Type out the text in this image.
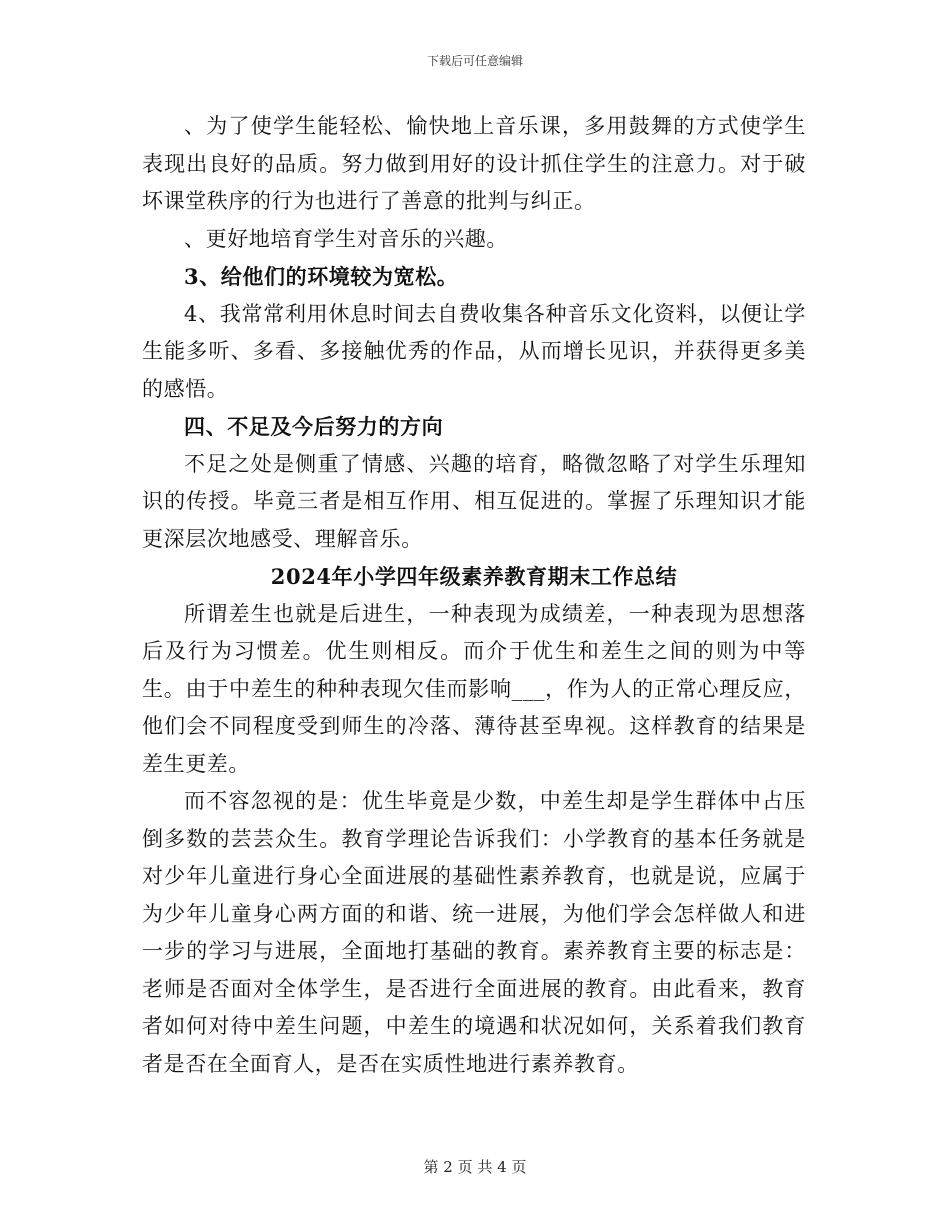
下载后可任意编辑

、为了使学生能轻松、愉快地上音乐课，多用鼓舞的方式使学生表现出良好的品质。努力做到用好的设计抓住学生的注意力。对于破坏课堂秩序的行为也进行了善意的批判与纠正。

、更好地培育学生对音乐的兴趣。

3、给他们的环境较为宽松。

4、我常常利用休息时间去自费收集各种音乐文化资料，以便让学生能多听、多看、多接触优秀的作品，从而增长见识，并获得更多美的感悟。

四、不足及今后努力的方向

不足之处是侧重了情感、兴趣的培育，略微忽略了对学生乐理知识的传授。毕竟三者是相互作用、相互促进的。掌握了乐理知识才能更深层次地感受、理解音乐。

2024年小学四年级素养教育期末工作总结

所谓差生也就是后进生，一种表现为成绩差，一种表现为思想落后及行为习惯差。优生则相反。而介于优生和差生之间的则为中等生。由于中差生的种种表现欠佳而影响___，作为人的正常心理反应，他们会不同程度受到师生的冷落、薄待甚至卑视。这样教育的结果是差生更差。

而不容忽视的是：优生毕竟是少数，中差生却是学生群体中占压倒多数的芸芸众生。教育学理论告诉我们：小学教育的基本任务就是对少年儿童进行身心全面进展的基础性素养教育，也就是说，应属于为少年儿童身心两方面的和谐、统一进展，为他们学会怎样做人和进一步的学习与进展，全面地打基础的教育。素养教育主要的标志是：老师是否面对全体学生，是否进行全面进展的教育。由此看来，教育者如何对待中差生问题，中差生的境遇和状况如何，关系着我们教育者是否在全面育人，是否在实质性地进行素养教育。

第 2 页 共 4 页
